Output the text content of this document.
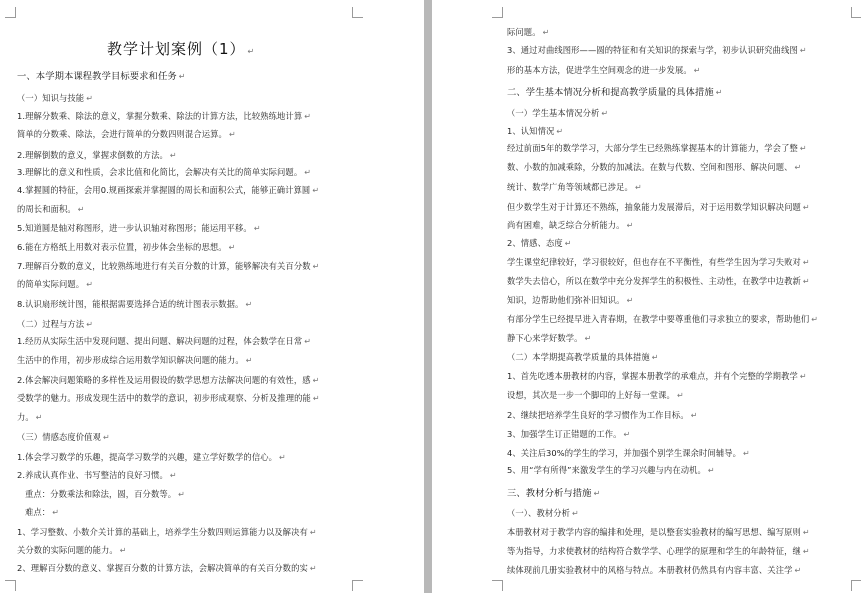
教学计划案例（1） ↵
一、本学期本课程教学目标要求和任务 ↵
（一）知识与技能 ↵
1.理解分数乘、除法的意义，掌握分数乘、除法的计算方法，比较熟练地计算 ↵
简单的分数乘、除法，会进行简单的分数四则混合运算。 ↵
2.理解倒数的意义，掌握求倒数的方法。 ↵
3.理解比的意义和性质，会求比值和化简比，会解决有关比的简单实际问题。 ↵
4.掌握圆的特征，会用0.规画探索并掌握圆的周长和面积公式，能够正确计算圆 ↵
的周长和面积。 ↵
5.知道圆是轴对称图形，进一步认识轴对称图形；能运用平移。 ↵
6.能在方格纸上用数对表示位置，初步体会坐标的思想。 ↵
7.理解百分数的意义，比较熟练地进行有关百分数的计算，能够解决有关百分数 ↵
的简单实际问题。 ↵
8.认识扇形统计图，能根据需要选择合适的统计图表示数据。 ↵
（二）过程与方法 ↵
1.经历从实际生活中发现问题、提出问题、解决问题的过程，体会数学在日常 ↵
生活中的作用，初步形成综合运用数学知识解决问题的能力。 ↵
2.体会解决问题策略的多样性及运用假设的数学思想方法解决问题的有效性，感 ↵
受数学的魅力。形成发现生活中的数学的意识，初步形成观察、分析及推理的能 ↵
力。 ↵
（三）情感态度价值观 ↵
1.体会学习数学的乐趣，提高学习数学的兴趣，建立学好数学的信心。 ↵
2.养成认真作业、书写整洁的良好习惯。 ↵
重点：分数乘法和除法，圆，百分数等。 ↵
难点： ↵
1、学习整数、小数介关计算的基础上，培养学生分数四则运算能力以及解决有 ↵
关分数的实际问题的能力。 ↵
2、理解百分数的意义、掌握百分数的计算方法，会解决简单的有关百分数的实 ↵
际问题。 ↵
3、通过对曲线图形——圆的特征和有关知识的探索与学，初步认识研究曲线图 ↵
形的基本方法，促进学生空间观念的进一步发展。 ↵
二、学生基本情况分析和提高教学质量的具体措施 ↵
（一）学生基本情况分析 ↵
1、认知情况 ↵
经过前面5年的数学学习，大部分学生已经熟练掌握基本的计算能力，学会了整 ↵
数、小数的加减乘除，分数的加减法。在数与代数、空间和图形、解决问题、 ↵
统计、数学广角等领域都已涉足。 ↵
但少数学生对于计算还不熟练，抽象能力发展滞后，对于运用数学知识解决问题 ↵
尚有困难，缺乏综合分析能力。 ↵
2、情感、态度 ↵
学生课堂纪律较好，学习很较好，但也存在不平衡性，有些学生因为学习失败对 ↵
数学失去信心，所以在数学中充分发挥学生的积极性、主动性，在教学中边教新 ↵
知识，边帮助他们弥补旧知识。 ↵
有部分学生已经提早进入青春期，在教学中要尊重他们寻求独立的要求，帮助他们 ↵
静下心来学好数学。 ↵
（二）本学期提高教学质量的具体措施 ↵
1、首先吃透本册教材的内容，掌握本册教学的承难点，并有个完整的学期教学 ↵
设想，其次是一步一个脚印的上好每一堂课。 ↵
2、继续把培养学生良好的学习惯作为工作目标。 ↵
3、加强学生订正错题的工作。 ↵
4、关注后30%的学生的学习，并加强个别学生课余时间辅导。 ↵
5、用“学有所得”来激发学生的学习兴趣与内在动机。 ↵
三、教材分析与措施 ↵
（一）、教材分析 ↵
本册教材对于教学内容的编排和处理，是以整套实验教材的编写思想、编写原则 ↵
等为指导，力求使教材的结构符合数学学、心理学的原理和学生的年龄特征，继 ↵
续体现前几册实验教材中的风格与特点。本册教材仍然具有内容丰富、关注学 ↵
